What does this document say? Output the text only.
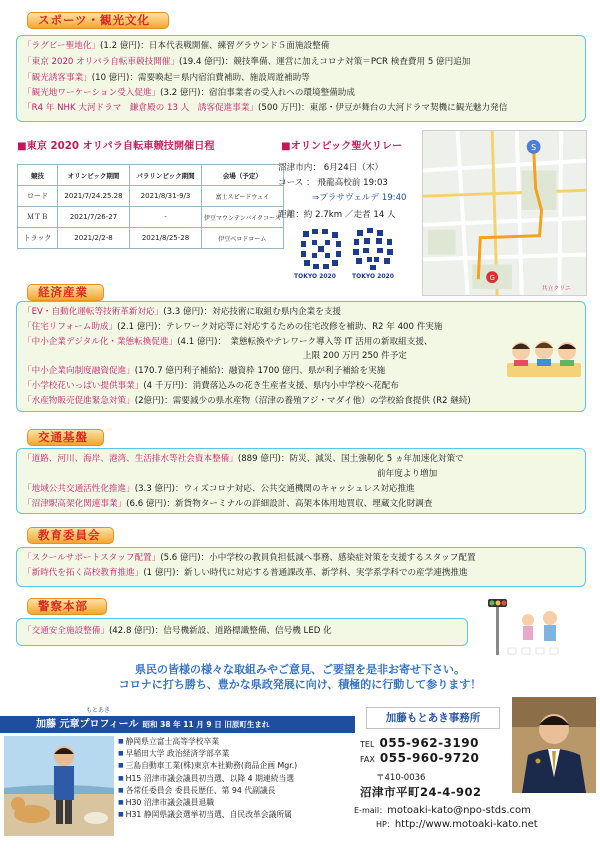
スポーツ・観光文化
「ラグビー聖地化」(1.2 億円)：日本代表戦開催、練習グラウンド５面施設整備
「東京 2020 オリパラ自転車競技開催」(19.4 億円)：競技準備、運営に加えコロナ対策＝PCR 検査費用 5 億円追加
「観光誘客事業」(10 億円)：需要喚起＝県内宿泊費補助、施設周遊補助等
「観光地ワーケーション受入促進」(3.2 億円)：宿泊事業者の受入れへの環境整備助成
「R4 年 NHK 大河ドラマ　鎌倉殿の 13 人　誘客促進事業」(500 万円)：東部・伊豆が舞台の大河ドラマ契機に観光魅力発信
■東京 2020 オリパラ自転車競技開催日程
競技	オリンピック期間	パラリンピック期間	会場（予定）
ロード	2021/7/24.25.28	2021/8/31-9/3	富士スピードウェイ
ＭＴＢ	2021/7/26-27	-	伊豆マウンテンバイクコース
トラック	2021/2/2-8	2021/8/25-28	伊豆ベロドローム
■オリンピック聖火リレー
沼津市内： 6月24日（木）
コース ： 飛龍高校前 19:03
⇒プラサヴェルデ 19:40
距離：約 2.7km ／走者 14 人
TOKYO 2020	TOKYO 2020
S
G
共立クリニ
経済産業
「EV・自動化運転等技術革新対応」(3.3 億円)：対応技術に取組む県内企業を支援
「住宅リフォーム助成」(2.1 億円)：テレワーク対応等に対応するための住宅改修を補助、R2 年 400 件実施
「中小企業デジタル化・業態転換促進」(4.1 億円)：　業態転換やテレワーク導入等 IT 活用の新取組支援、
上限 200 万円 250 件予定
「中小企業向制度融資促進」(170.7 億円利子補給)：融資枠 1700 億円、県が利子補給を実施
「小学校花いっぱい提供事業」(4 千万円)：消費落込みの花き生産者支援、県内小中学校へ花配布
「水産物販売促進緊急対策」(2億円)：需要減少の県水産物（沼津の養殖アジ・マダイ他）の学校給食提供 (R2 継続)
交通基盤
「道路、河川、海岸、港湾、生活排水等社会資本整備」(889 億円)：防災、減災、国土強靭化 5 ヵ年加速化対策で
前年度より増加
「地域公共交通活性化推進」(3.3 億円)：ウィズコロナ対応、公共交通機関のキャッシュレス対応推進
「沼津駅高架化関連事業」(6.6 億円)：新貨物ターミナルの詳細設計、高架本体用地買収、埋蔵文化財調査
教育委員会
「スクールサポートスタッフ配置」(5.6 億円)：小中学校の教員負担低減へ事務、感染症対策を支援するスタッフ配置
「新時代を拓く高校教育推進」(1 億円)：新しい時代に対応する普通課改革、新学科、実学系学科での産学連携推進
警察本部
「交通安全施設整備」(42.8 億円)：信号機新設、道路標識整備、信号機 LED 化
県民の皆様の様々な取組みやご意見、ご要望を是非お寄せ下さい。
コロナに打ち勝ち、豊かな県政発展に向け、積極的に行動して参ります！
もとあき
加藤 元章プロフィール 昭和 38 年 11 月 9 日 旧原町生まれ
■ 静岡県立富士高等学校卒業
■ 早稲田大学 政治経済学部卒業
■ 三島自動車工業(株)東京本社勤務(商品企画 Mgr.)
■ H15 沼津市議会議員初当選、以降 4 期連続当選
■ 各常任委員会 委員長歴任、第 94 代副議長
■ H30 沼津市議会議員退職
■ H31 静岡県議会選挙初当選、自民改革会議所属
加藤もとあき事務所
TEL 055-962-3190
FAX 055-960-9720
〒410-0036
沼津市平町24-4-902
E-mail：motoaki-kato@npo-stds.com
HP：http://www.motoaki-kato.net
